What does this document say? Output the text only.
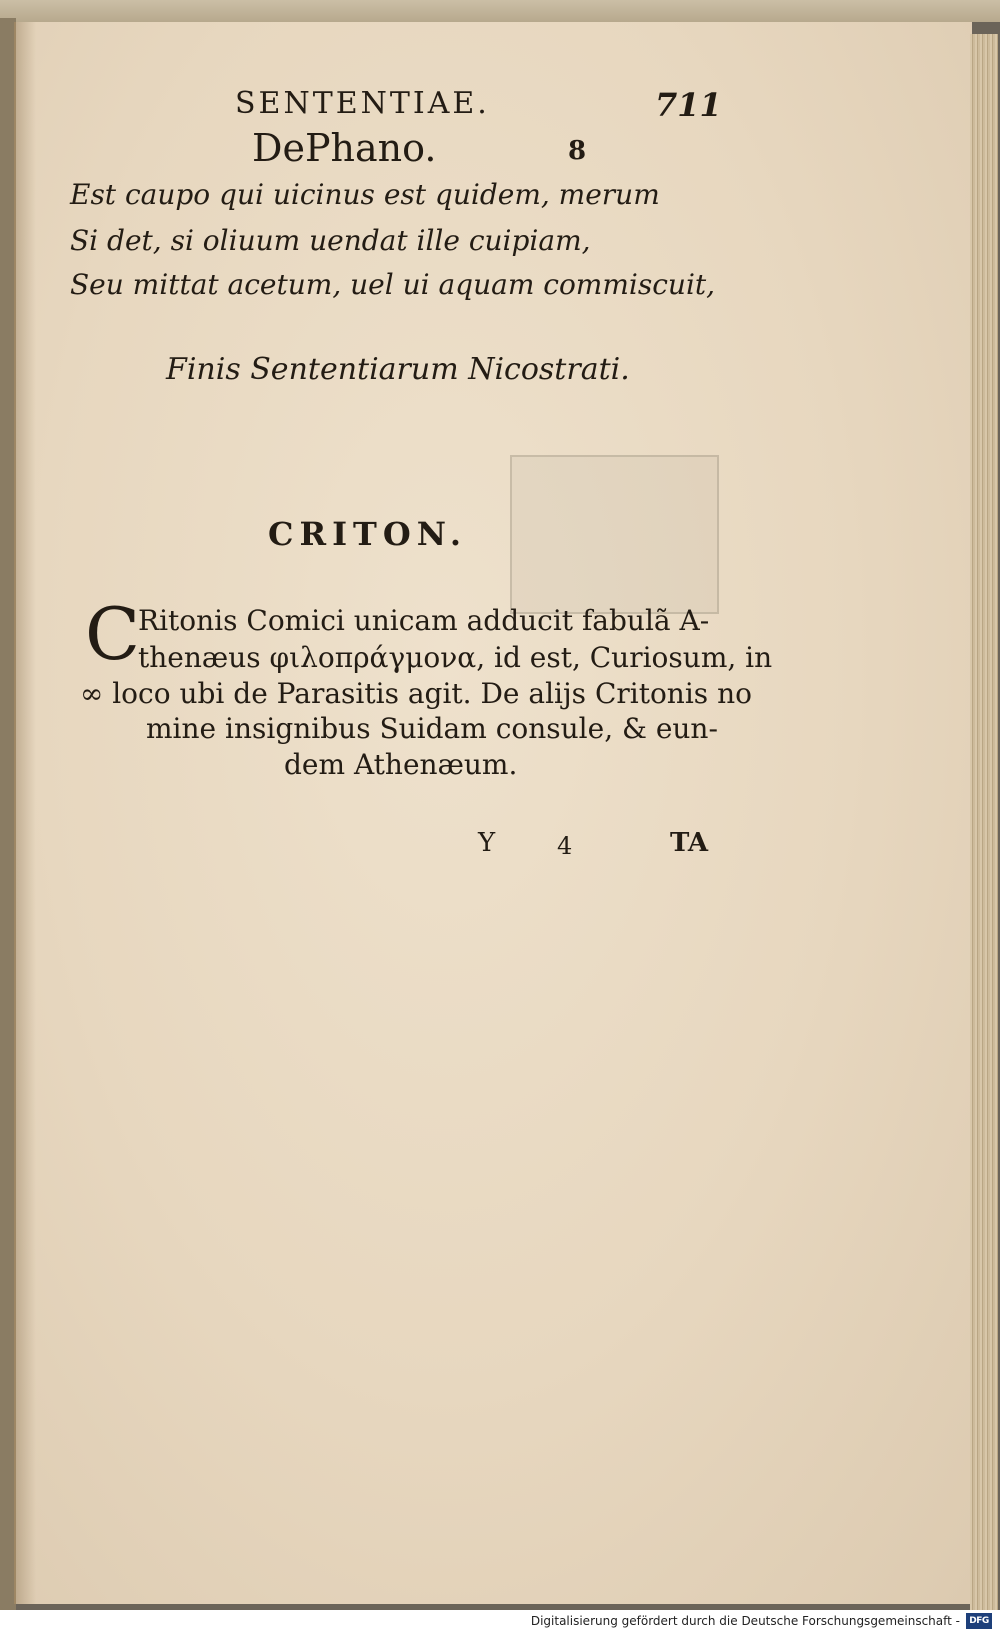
SENTENTIAE.	711
DePhano.	8
Est caupo qui uicinus est quidem, merum
Si det, si oliuum uendat ille cuipiam,
Seu mittat acetum, uel ui aquam commiscuit,
Finis Sententiarum Nicostrati.
CRITON.
C
Ritonis Comici unicam adducit fabulã A-
thenæus φιλοπράγμονα, id est, Curiosum, in
∞ loco ubi de Parasitis agit. De alijs Critonis no
mine insignibus Suidam consule, & eun-
dem Athenæum.
Y	4	TA
Digitalisierung gefördert durch die Deutsche Forschungsgemeinschaft -	DFG
